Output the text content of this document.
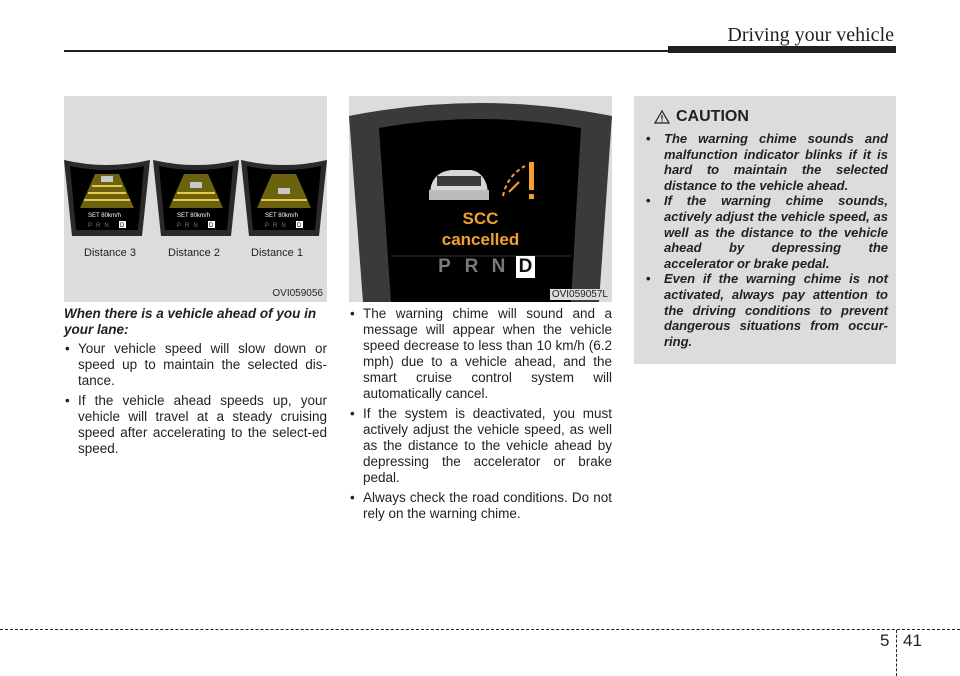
Driving your vehicle
SET 80km/h
PRN D
SET 80km/h
PRN D
SET 80km/h
PRN D
Distance 3	Distance 2	Distance 1
OVI059056
SCC
cancelled
P R N D
OVI059057L
CAUTION
• The warning chime sounds and malfunction indicator blinks if it is hard to maintain the selected distance to the vehicle ahead.
• If the warning chime sounds, actively adjust the vehicle speed, as well as the distance to the vehicle ahead by depressing the accelerator or brake pedal.
• Even if the warning chime is not activated, always pay attention to the driving conditions to prevent dangerous situations from occur-ring.
When there is a vehicle ahead of you in your lane:
• Your vehicle speed will slow down or speed up to maintain the selected dis-tance.
• If the vehicle ahead speeds up, your vehicle will travel at a steady cruising speed after accelerating to the select-ed speed.
• The warning chime will sound and a message will appear when the vehicle speed decrease to less than 10 km/h (6.2 mph) due to a vehicle ahead, and the smart cruise control system will automatically cancel.
• If the system is deactivated, you must actively adjust the vehicle speed, as well as the distance to the vehicle ahead by depressing the accelerator or brake pedal.
• Always check the road conditions. Do not rely on the warning chime.
5 41
